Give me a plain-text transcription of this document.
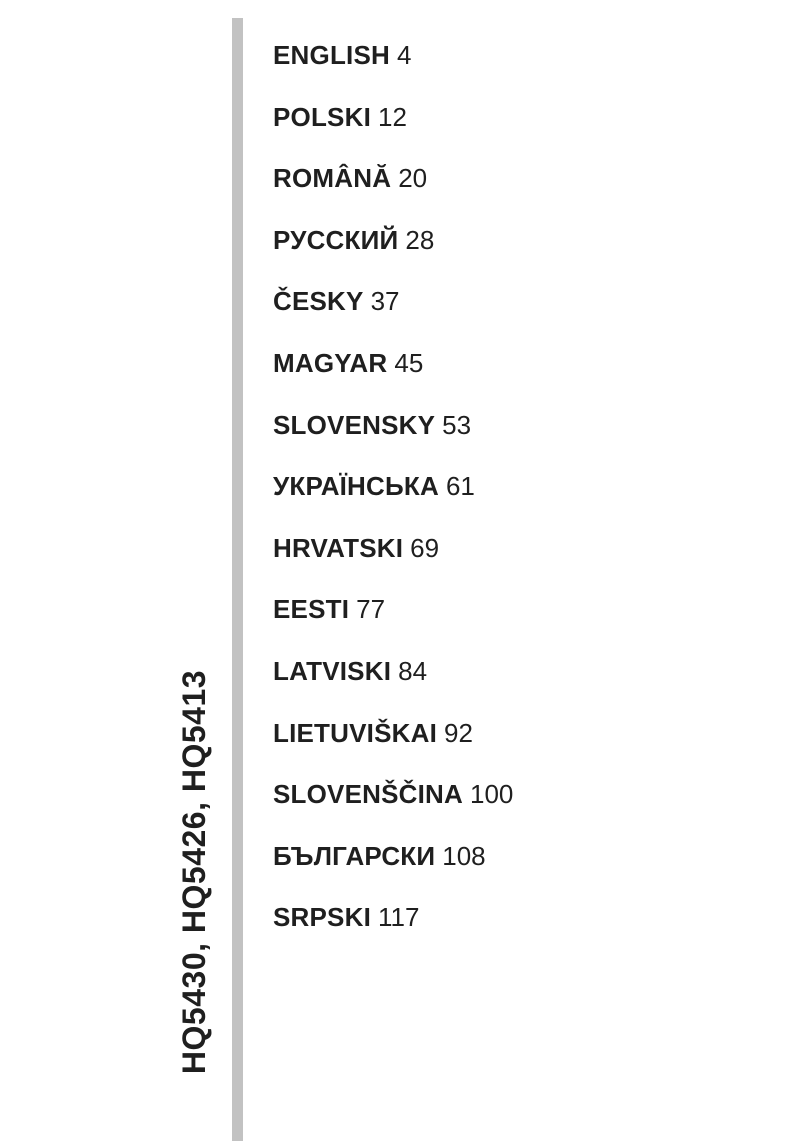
HQ5430, HQ5426, HQ5413
ENGLISH 4
POLSKI 12
ROMÂNĂ 20
РУССКИЙ 28
ČESKY 37
MAGYAR 45
SLOVENSKY 53
УКРАЇНСЬКА 61
HRVATSKI 69
EESTI 77
LATVISKI 84
LIETUVIŠKAI 92
SLOVENŠČINA 100
БЪЛГАРСКИ 108
SRPSKI 117
